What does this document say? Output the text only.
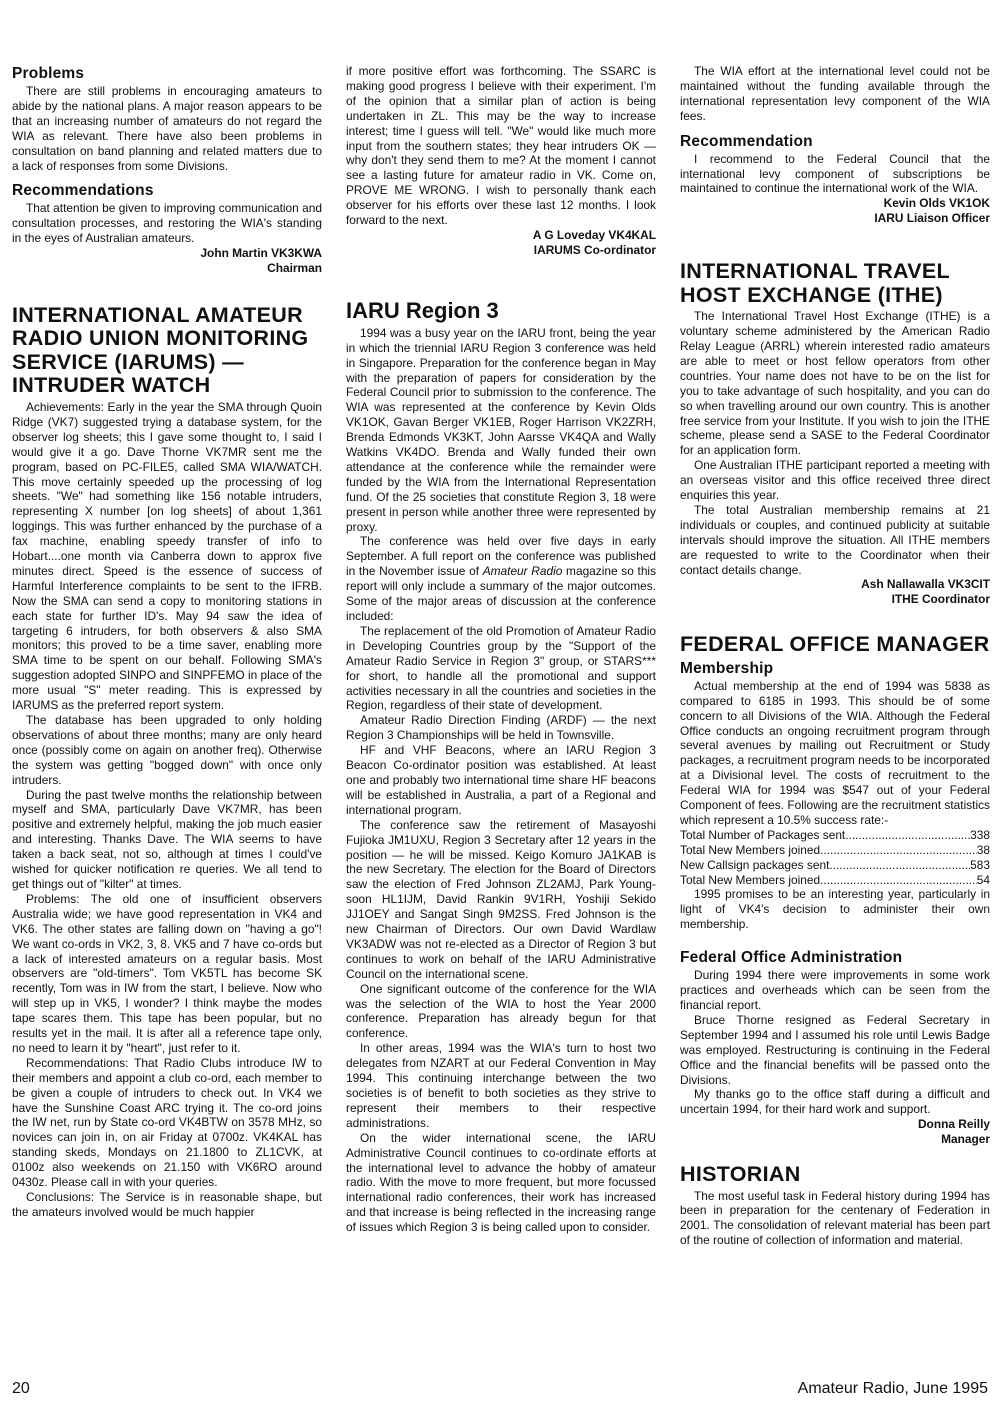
Problems

There are still problems in encouraging amateurs to abide by the national plans. A major reason appears to be that an increasing number of amateurs do not regard the WIA as relevant. There have also been problems in consultation on band planning and related matters due to a lack of responses from some Divisions.

Recommendations

That attention be given to improving communication and consultation processes, and restoring the WIA's standing in the eyes of Australian amateurs.

John Martin VK3KWA
Chairman
INTERNATIONAL AMATEUR RADIO UNION MONITORING SERVICE (IARUMS) — INTRUDER WATCH

Achievements: Early in the year the SMA through Quoin Ridge (VK7) suggested trying a database system, for the observer log sheets; this I gave some thought to, I said I would give it a go. Dave Thorne VK7MR sent me the program, based on PC-FILE5, called SMA WIA/WATCH. This move certainly speeded up the processing of log sheets. "We" had something like 156 notable intruders, representing X number [on log sheets] of about 1,361 loggings. This was further enhanced by the purchase of a fax machine, enabling speedy transfer of info to Hobart....one month via Canberra down to approx five minutes direct. Speed is the essence of success of Harmful Interference complaints to be sent to the IFRB. Now the SMA can send a copy to monitoring stations in each state for further ID's. May 94 saw the idea of targeting 6 intruders, for both observers & also SMA monitors; this proved to be a time saver, enabling more SMA time to be spent on our behalf. Following SMA's suggestion adopted SINPO and SINPFEMO in place of the more usual "S" meter reading. This is expressed by IARUMS as the preferred report system.

The database has been upgraded to only holding observations of about three months; many are only heard once (possibly come on again on another freq). Otherwise the system was getting "bogged down" with once only intruders.

During the past twelve months the relationship between myself and SMA, particularly Dave VK7MR, has been positive and extremely helpful, making the job much easier and interesting. Thanks Dave. The WIA seems to have taken a back seat, not so, although at times I could've wished for quicker notification re queries. We all tend to get things out of "kilter" at times.

Problems: The old one of insufficient observers Australia wide; we have good representation in VK4 and VK6. The other states are falling down on "having a go"! We want co-ords in VK2, 3, 8. VK5 and 7 have co-ords but a lack of interested amateurs on a regular basis. Most observers are "old-timers". Tom VK5TL has become SK recently, Tom was in IW from the start, I believe. Now who will step up in VK5, I wonder? I think maybe the modes tape scares them. This tape has been popular, but no results yet in the mail. It is after all a reference tape only, no need to learn it by "heart", just refer to it.

Recommendations: That Radio Clubs introduce IW to their members and appoint a club co-ord, each member to be given a couple of intruders to check out. In VK4 we have the Sunshine Coast ARC trying it. The co-ord joins the IW net, run by State co-ord VK4BTW on 3578 MHz, so novices can join in, on air Friday at 0700z. VK4KAL has standing skeds, Mondays on 21.1800 to ZL1CVK, at 0100z also weekends on 21.150 with VK6RO around 0430z. Please call in with your queries.

Conclusions: The Service is in reasonable shape, but the amateurs involved would be much happier

if more positive effort was forthcoming. The SSARC is making good progress I believe with their experiment. I'm of the opinion that a similar plan of action is being undertaken in ZL. This may be the way to increase interest; time I guess will tell. "We" would like much more input from the southern states; they hear intruders OK — why don't they send them to me? At the moment I cannot see a lasting future for amateur radio in VK. Come on, PROVE ME WRONG. I wish to personally thank each observer for his efforts over these last 12 months. I look forward to the next.

A G Loveday VK4KAL
IARUMS Co-ordinator
IARU Region 3

1994 was a busy year on the IARU front, being the year in which the triennial IARU Region 3 conference was held in Singapore. Preparation for the conference began in May with the preparation of papers for consideration by the Federal Council prior to submission to the conference. The WIA was represented at the conference by Kevin Olds VK1OK, Gavan Berger VK1EB, Roger Harrison VK2ZRH, Brenda Edmonds VK3KT, John Aarsse VK4QA and Wally Watkins VK4DO. Brenda and Wally funded their own attendance at the conference while the remainder were funded by the WIA from the International Representation fund. Of the 25 societies that constitute Region 3, 18 were present in person while another three were represented by proxy.

The conference was held over five days in early September. A full report on the conference was published in the November issue of Amateur Radio magazine so this report will only include a summary of the major outcomes. Some of the major areas of discussion at the conference included:

The replacement of the old Promotion of Amateur Radio in Developing Countries group by the "Support of the Amateur Radio Service in Region 3" group, or STARS*** for short, to handle all the promotional and support activities necessary in all the countries and societies in the Region, regardless of their state of development.

Amateur Radio Direction Finding (ARDF) — the next Region 3 Championships will be held in Townsville.

HF and VHF Beacons, where an IARU Region 3 Beacon Co-ordinator position was established. At least one and probably two international time share HF beacons will be established in Australia, a part of a Regional and international program.

The conference saw the retirement of Masayoshi Fujioka JM1UXU, Region 3 Secretary after 12 years in the position — he will be missed. Keigo Komuro JA1KAB is the new Secretary. The election for the Board of Directors saw the election of Fred Johnson ZL2AMJ, Park Young-soon HL1IJM, David Rankin 9V1RH, Yoshiji Sekido JJ1OEY and Sangat Singh 9M2SS. Fred Johnson is the new Chairman of Directors. Our own David Wardlaw VK3ADW was not re-elected as a Director of Region 3 but continues to work on behalf of the IARU Administrative Council on the international scene.

One significant outcome of the conference for the WIA was the selection of the WIA to host the Year 2000 conference. Preparation has already begun for that conference.

In other areas, 1994 was the WIA's turn to host two delegates from NZART at our Federal Convention in May 1994. This continuing interchange between the two societies is of benefit to both societies as they strive to represent their members to their respective administrations.

On the wider international scene, the IARU Administrative Council continues to co-ordinate efforts at the international level to advance the hobby of amateur radio. With the move to more frequent, but more focussed international radio conferences, their work has increased and that increase is being reflected in the increasing range of issues which Region 3 is being called upon to consider.

The WIA effort at the international level could not be maintained without the funding available through the international representation levy component of the WIA fees.

Recommendation

I recommend to the Federal Council that the international levy component of subscriptions be maintained to continue the international work of the WIA.

Kevin Olds VK1OK
IARU Liaison Officer
INTERNATIONAL TRAVEL HOST EXCHANGE (ITHE)

The International Travel Host Exchange (ITHE) is a voluntary scheme administered by the American Radio Relay League (ARRL) wherein interested radio amateurs are able to meet or host fellow operators from other countries. Your name does not have to be on the list for you to take advantage of such hospitality, and you can do so when travelling around our own country. This is another free service from your Institute. If you wish to join the ITHE scheme, please send a SASE to the Federal Coordinator for an application form.

One Australian ITHE participant reported a meeting with an overseas visitor and this office received three direct enquiries this year.

The total Australian membership remains at 21 individuals or couples, and continued publicity at suitable intervals should improve the situation. All ITHE members are requested to write to the Coordinator when their contact details change.

Ash Nallawalla VK3CIT
ITHE Coordinator
FEDERAL OFFICE MANAGER
Membership

Actual membership at the end of 1994 was 5838 as compared to 6185 in 1993. This should be of some concern to all Divisions of the WIA. Although the Federal Office conducts an ongoing recruitment program through several avenues by mailing out Recruitment or Study packages, a recruitment program needs to be incorporated at a Divisional level. The costs of recruitment to the Federal WIA for 1994 was $547 out of your Federal Component of fees. Following are the recruitment statistics which represent a 10.5% success rate:-

Total Number of Packages sent .....	338
Total New Members joined .....	38
New Callsign packages sent .....	583
Total New Members joined .....	54

1995 promises to be an interesting year, particularly in light of VK4's decision to administer their own membership.

Federal Office Administration

During 1994 there were improvements in some work practices and overheads which can be seen from the financial report.

Bruce Thorne resigned as Federal Secretary in September 1994 and I assumed his role until Lewis Badge was employed. Restructuring is continuing in the Federal Office and the financial benefits will be passed onto the Divisions.

My thanks go to the office staff during a difficult and uncertain 1994, for their hard work and support.

Donna Reilly
Manager
HISTORIAN

The most useful task in Federal history during 1994 has been in preparation for the centenary of Federation in 2001. The consolidation of relevant material has been part of the routine of collection of information and material.

20	Amateur Radio, June 1995
